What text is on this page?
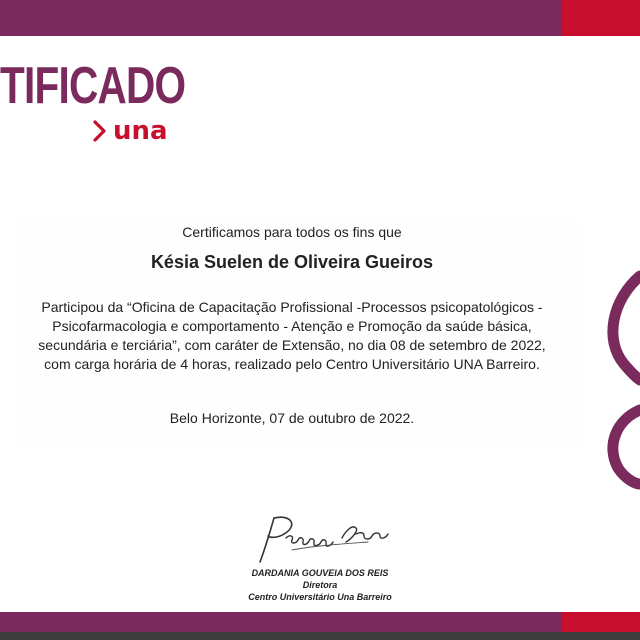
TIFICADO
una
Certificamos para todos os fins que
Késia Suelen de Oliveira Gueiros
Participou da “Oficina de Capacitação Profissional -Processos psicopatológicos -
Psicofarmacologia e comportamento - Atenção e Promoção da saúde básica,
secundária e terciária”, com caráter de Extensão, no dia 08 de setembro de 2022,
com carga horária de 4 horas, realizado pelo Centro Universitário UNA Barreiro.
Belo Horizonte, 07 de outubro de 2022.
DARDANIA GOUVEIA DOS REIS
Diretora
Centro Universitário Una Barreiro
